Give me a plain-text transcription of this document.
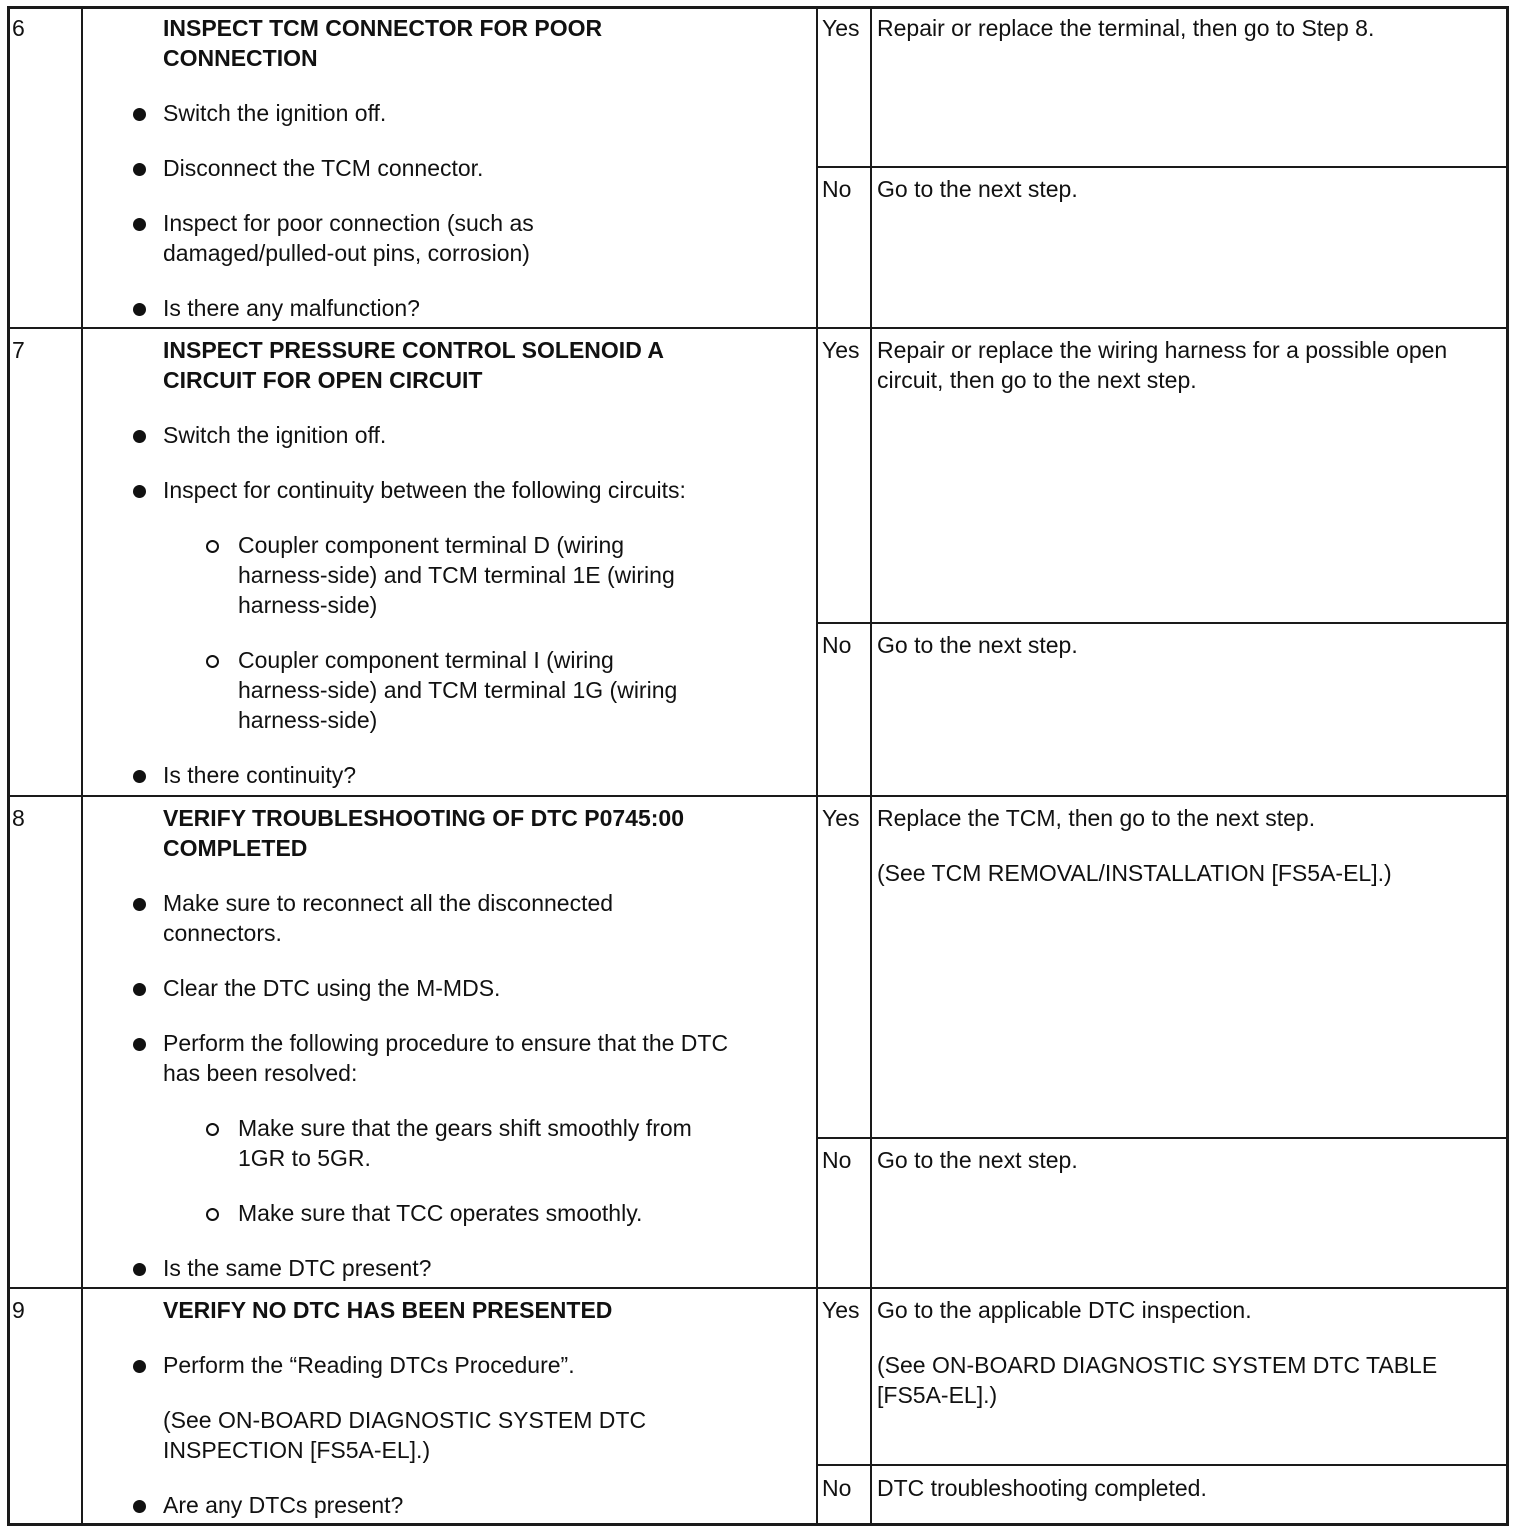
6	INSPECT TCM CONNECTOR FOR POOR
CONNECTION
Switch the ignition off.
Disconnect the TCM connector.
Inspect for poor connection (such as
damaged/pulled-out pins, corrosion)
Is there any malfunction?
Yes Repair or replace the terminal, then go to Step 8.
No Go to the next step.
7	INSPECT PRESSURE CONTROL SOLENOID A
CIRCUIT FOR OPEN CIRCUIT
Switch the ignition off.
Inspect for continuity between the following circuits:
Coupler component terminal D (wiring
harness-side) and TCM terminal 1E (wiring
harness-side)
Coupler component terminal I (wiring
harness-side) and TCM terminal 1G (wiring
harness-side)
Is there continuity?
Yes Repair or replace the wiring harness for a possible open
circuit, then go to the next step.
No Go to the next step.
8	VERIFY TROUBLESHOOTING OF DTC P0745:00
COMPLETED
Make sure to reconnect all the disconnected
connectors.
Clear the DTC using the M-MDS.
Perform the following procedure to ensure that the DTC
has been resolved:
Make sure that the gears shift smoothly from
1GR to 5GR.
Make sure that TCC operates smoothly.
Is the same DTC present?
Yes Replace the TCM, then go to the next step.
(See TCM REMOVAL/INSTALLATION [FS5A-EL].)
No Go to the next step.
9	VERIFY NO DTC HAS BEEN PRESENTED
Perform the “Reading DTCs Procedure”.
(See ON-BOARD DIAGNOSTIC SYSTEM DTC
INSPECTION [FS5A-EL].)
Are any DTCs present?
Yes Go to the applicable DTC inspection.
(See ON-BOARD DIAGNOSTIC SYSTEM DTC TABLE
[FS5A-EL].)
No DTC troubleshooting completed.
